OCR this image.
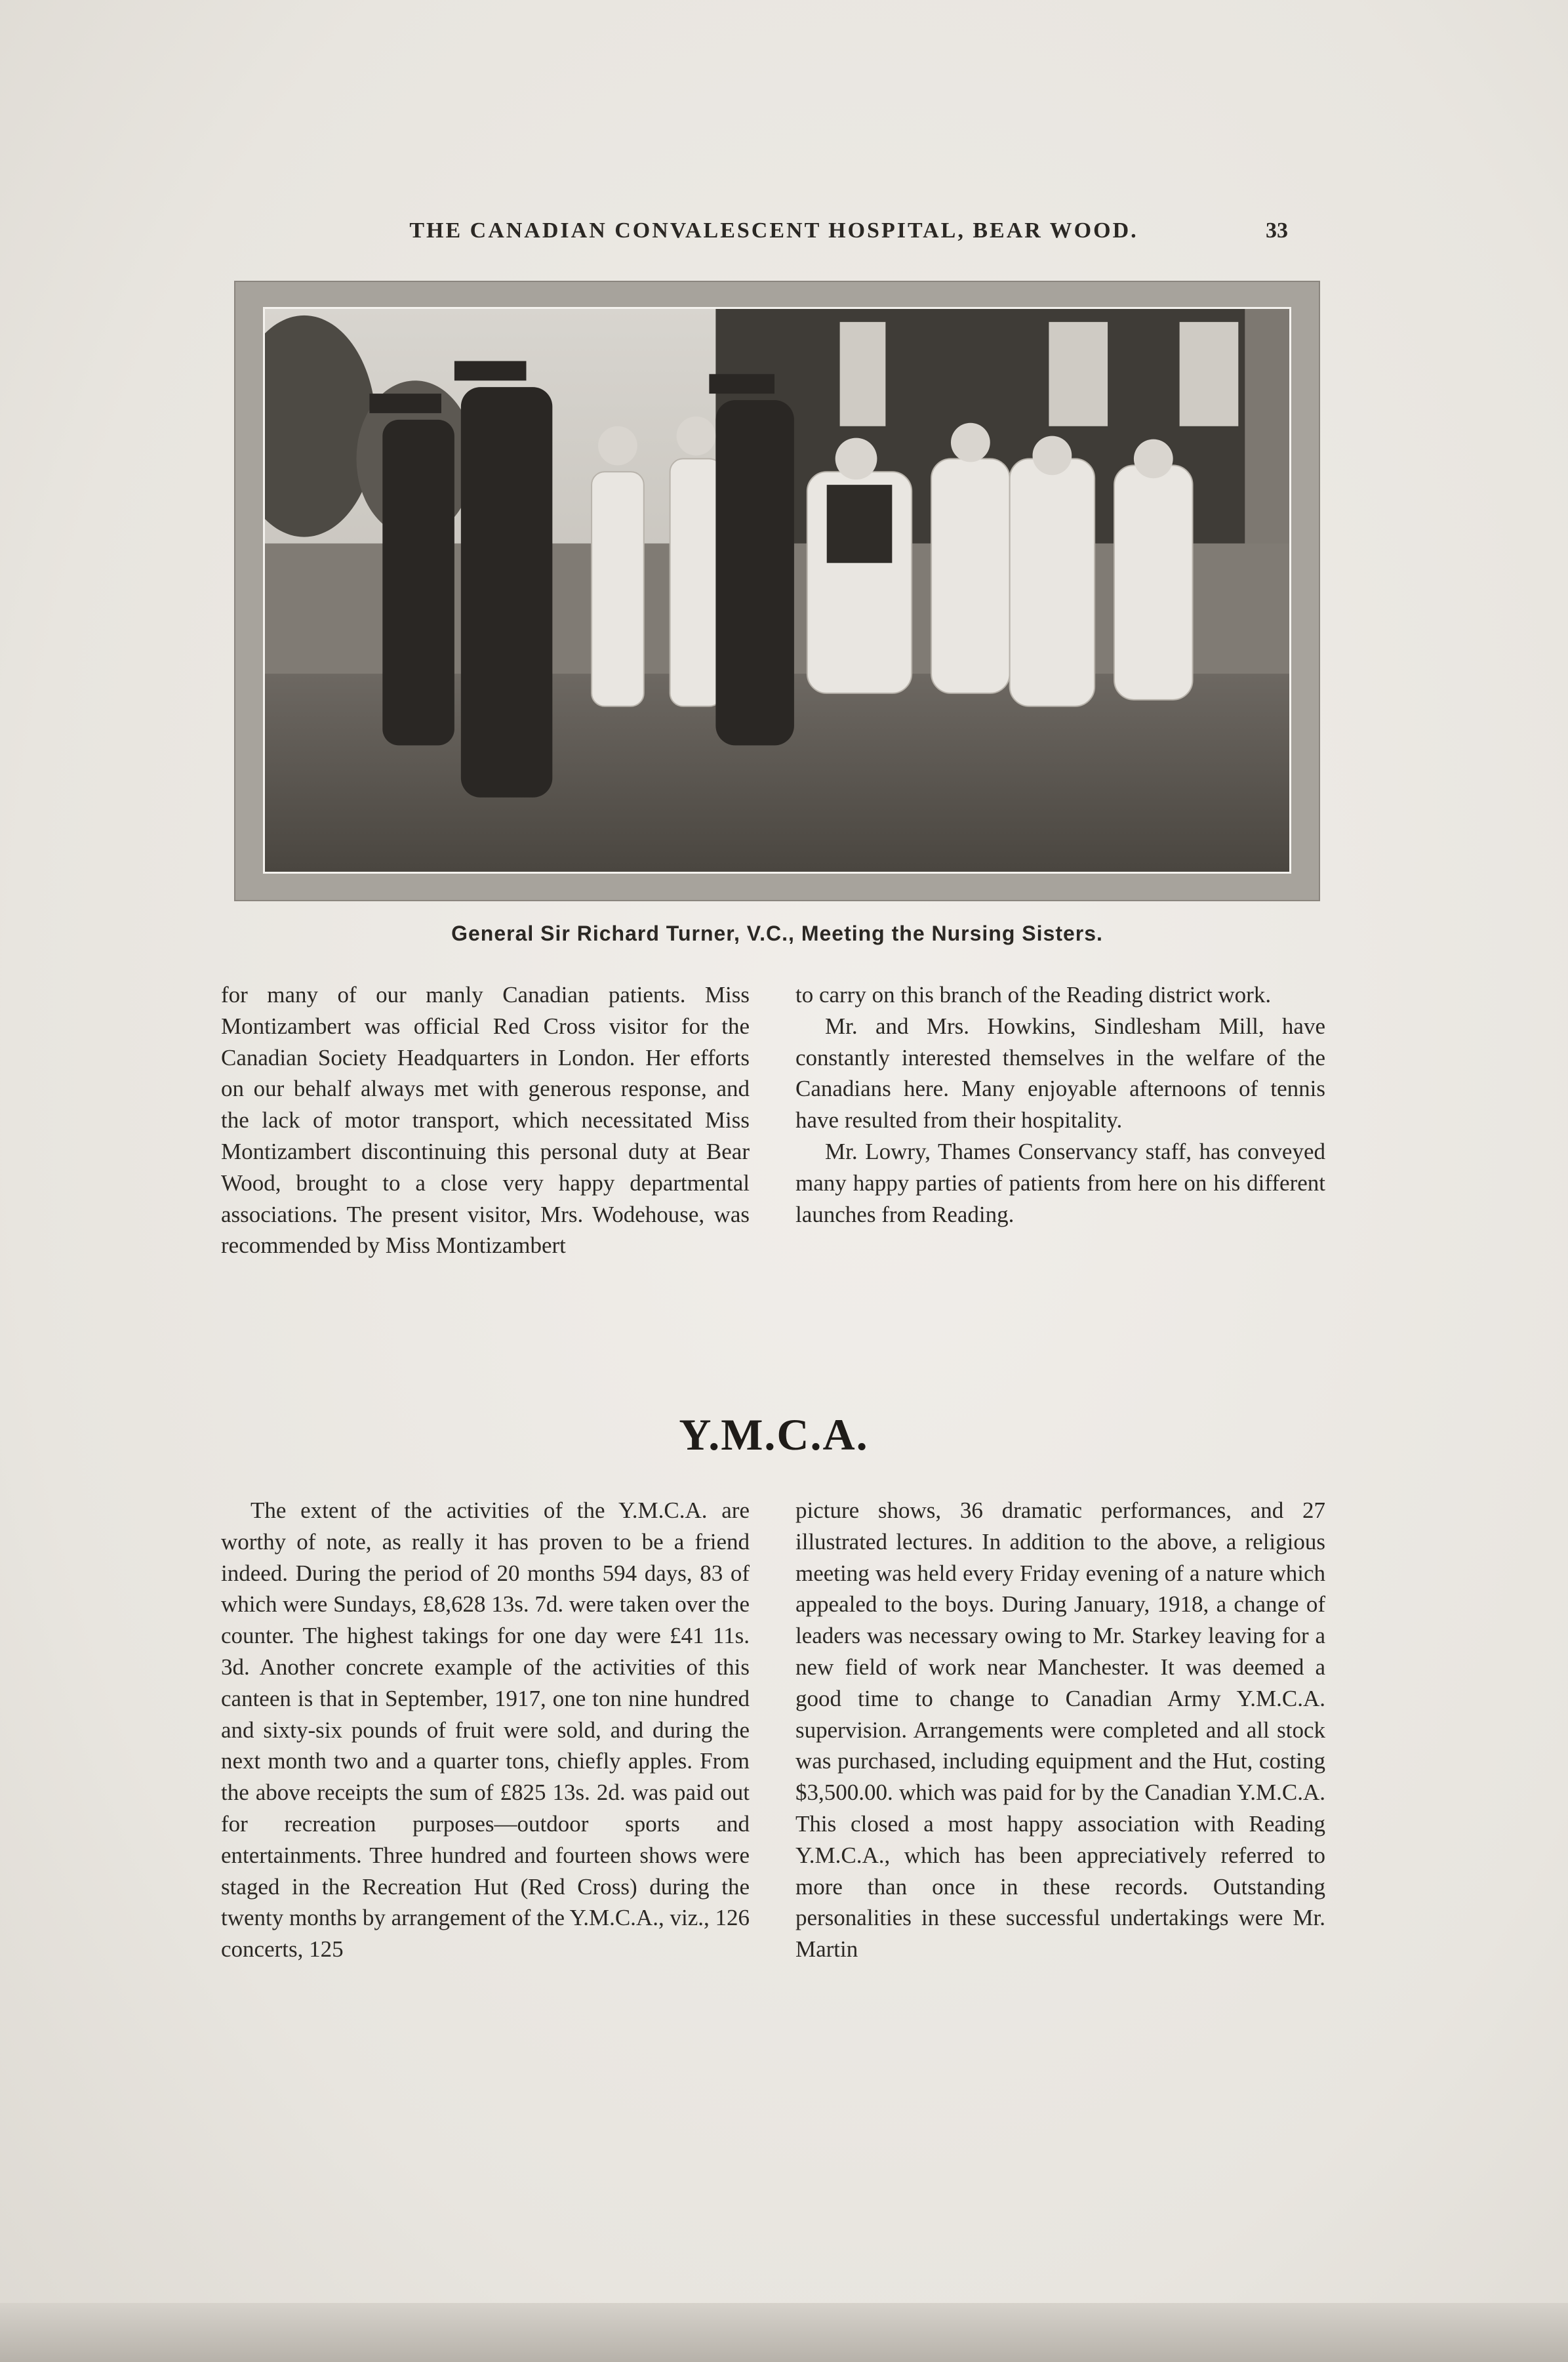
THE CANADIAN CONVALESCENT HOSPITAL, BEAR WOOD.	33
General Sir Richard Turner, V.C., Meeting the Nursing Sisters.

for many of our manly Canadian patients. Miss Montizambert was official Red Cross visitor for the Canadian Society Headquarters in London. Her efforts on our behalf always met with generous response, and the lack of motor transport, which necessitated Miss Montizambert discontinuing this personal duty at Bear Wood, brought to a close very happy departmental associations. The present visitor, Mrs. Wodehouse, was recommended by Miss Montizambert

to carry on this branch of the Reading district work.

Mr. and Mrs. Howkins, Sindlesham Mill, have constantly interested themselves in the welfare of the Canadians here. Many enjoyable afternoons of tennis have resulted from their hospitality.

Mr. Lowry, Thames Conservancy staff, has conveyed many happy parties of patients from here on his different launches from Reading.

Y.M.C.A.

The extent of the activities of the Y.M.C.A. are worthy of note, as really it has proven to be a friend indeed. During the period of 20 months 594 days, 83 of which were Sundays, £8,628 13s. 7d. were taken over the counter. The highest takings for one day were £41 11s. 3d. Another concrete example of the activities of this canteen is that in September, 1917, one ton nine hundred and sixty-six pounds of fruit were sold, and during the next month two and a quarter tons, chiefly apples. From the above receipts the sum of £825 13s. 2d. was paid out for recreation purposes—outdoor sports and entertainments. Three hundred and fourteen shows were staged in the Recreation Hut (Red Cross) during the twenty months by arrangement of the Y.M.C.A., viz., 126 concerts, 125

picture shows, 36 dramatic performances, and 27 illustrated lectures. In addition to the above, a religious meeting was held every Friday evening of a nature which appealed to the boys. During January, 1918, a change of leaders was necessary owing to Mr. Starkey leaving for a new field of work near Manchester. It was deemed a good time to change to Canadian Army Y.M.C.A. supervision. Arrangements were completed and all stock was purchased, including equipment and the Hut, costing $3,500.00. which was paid for by the Canadian Y.M.C.A. This closed a most happy association with Reading Y.M.C.A., which has been appreciatively referred to more than once in these records. Outstanding personalities in these successful undertakings were Mr. Martin
